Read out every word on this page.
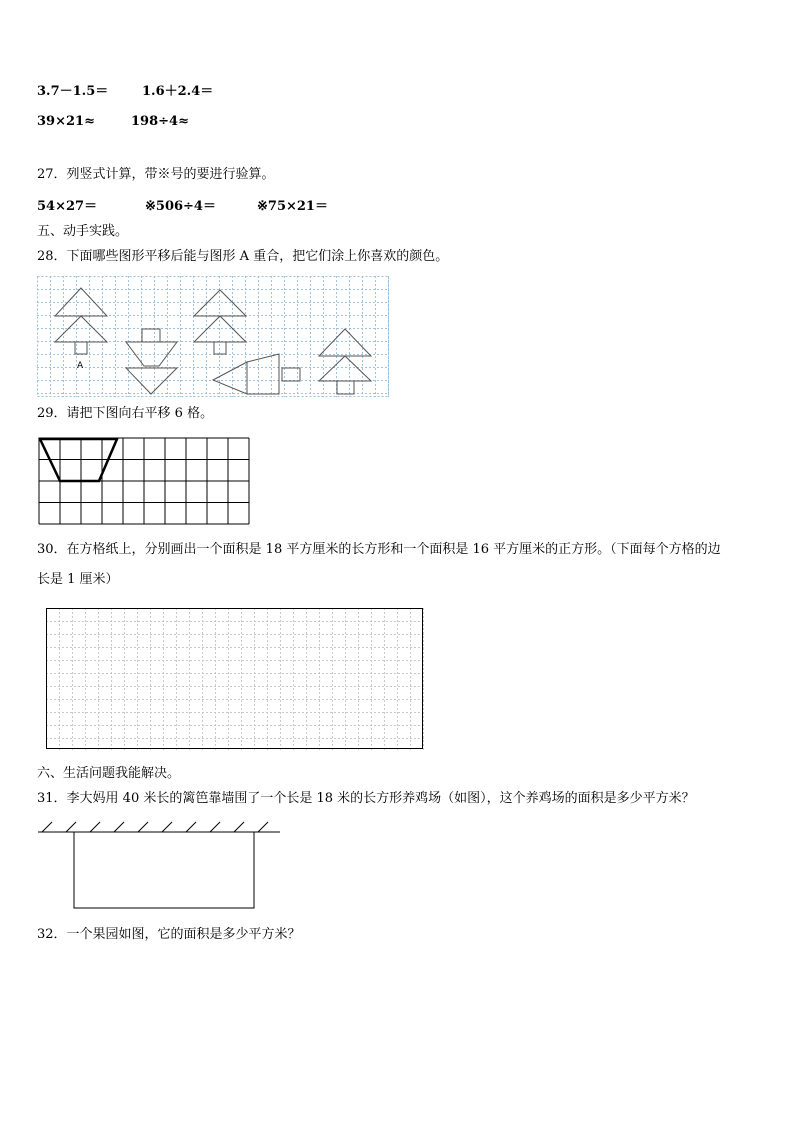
3.7－1.5＝	1.6＋2.4＝
39×21≈	198÷4≈
27．列竖式计算，带※号的要进行验算。
54×27＝	※506÷4＝	※75×21＝
五、动手实践。
28．下面哪些图形平移后能与图形 A 重合，把它们涂上你喜欢的颜色。
A
29．请把下图向右平移 6 格。
30．在方格纸上，分别画出一个面积是 18 平方厘米的长方形和一个面积是 16 平方厘米的正方形。（下面每个方格的边
长是 1 厘米）
六、生活问题我能解决。
31．李大妈用 40 米长的篱笆靠墙围了一个长是 18 米的长方形养鸡场（如图），这个养鸡场的面积是多少平方米？
32．一个果园如图，它的面积是多少平方米？
